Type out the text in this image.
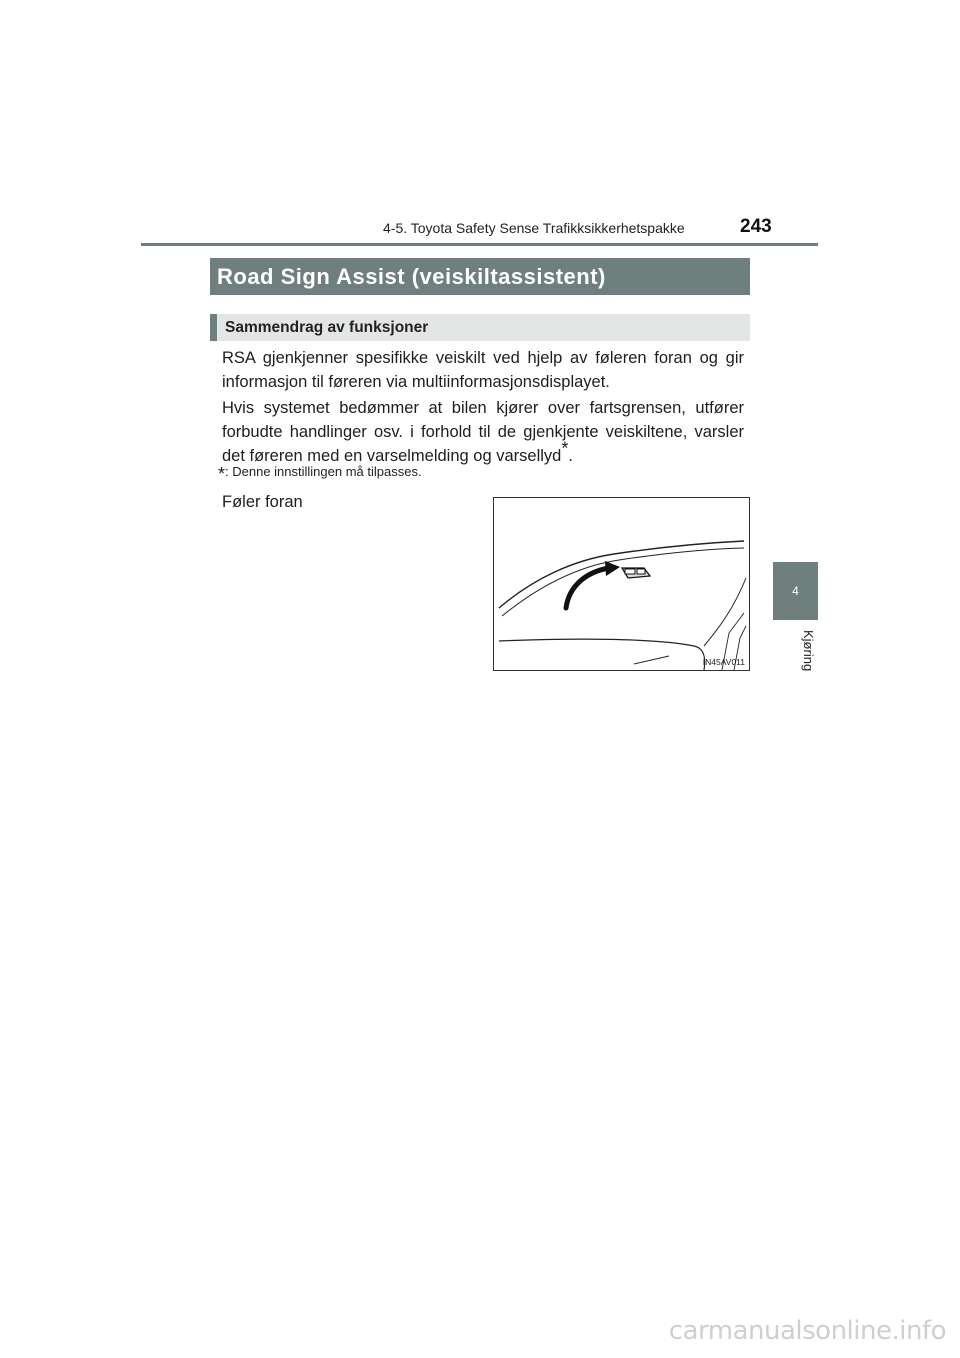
4-5. Toyota Safety Sense Trafikksikkerhetspakke	243
4
Kjøring
Road Sign Assist (veiskiltassistent)
Sammendrag av funksjoner

RSA gjenkjenner spesifikke veiskilt ved hjelp av føleren foran og gir informasjon til føreren via multiinformasjonsdisplayet.

Hvis systemet bedømmer at bilen kjører over fartsgrensen, utfører forbudte handlinger osv. i forhold til de gjenkjente veiskiltene, varsler det føreren med en varselmelding og varsellyd*.

*: Denne innstillingen må tilpasses.
Føler foran
IN45AV011
carmanualsonline.info
